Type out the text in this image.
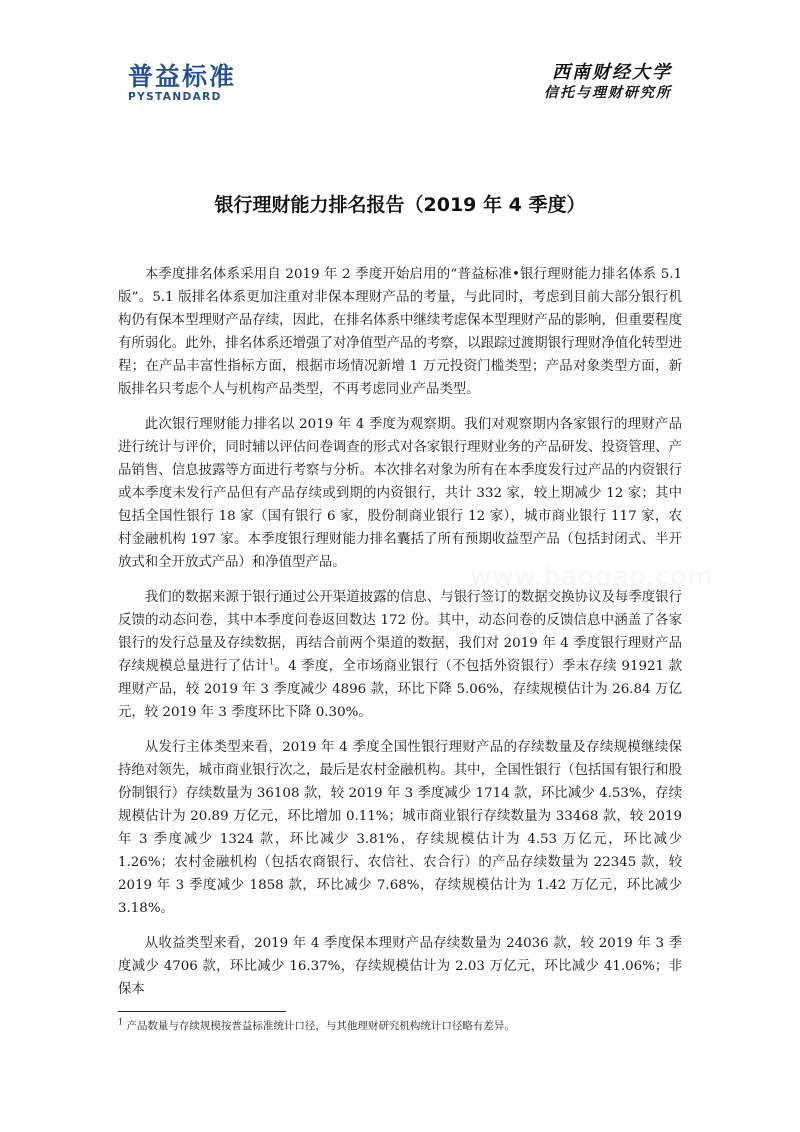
普益标准
PYSTANDARD
西南财经大学
信托与理财研究所
银行理财能力排名报告（2019 年 4 季度）

本季度排名体系采用自 2019 年 2 季度开始启用的“普益标准•银行理财能力排名体系 5.1 版”。5.1 版排名体系更加注重对非保本理财产品的考量，与此同时，考虑到目前大部分银行机构仍有保本型理财产品存续，因此，在排名体系中继续考虑保本型理财产品的影响，但重要程度有所弱化。此外，排名体系还增强了对净值型产品的考察，以跟踪过渡期银行理财净值化转型进程；在产品丰富性指标方面，根据市场情况新增 1 万元投资门槛类型；产品对象类型方面，新版排名只考虑个人与机构产品类型，不再考虑同业产品类型。

此次银行理财能力排名以 2019 年 4 季度为观察期。我们对观察期内各家银行的理财产品进行统计与评价，同时辅以评估问卷调查的形式对各家银行理财业务的产品研发、投资管理、产品销售、信息披露等方面进行考察与分析。本次排名对象为所有在本季度发行过产品的内资银行或本季度未发行产品但有产品存续或到期的内资银行，共计 332 家，较上期减少 12 家；其中包括全国性银行 18 家（国有银行 6 家，股份制商业银行 12 家），城市商业银行 117 家，农村金融机构 197 家。本季度银行理财能力排名囊括了所有预期收益型产品（包括封闭式、半开放式和全开放式产品）和净值型产品。

我们的数据来源于银行通过公开渠道披露的信息、与银行签订的数据交换协议及每季度银行反馈的动态问卷，其中本季度问卷返回数达 172 份。其中，动态问卷的反馈信息中涵盖了各家银行的发行总量及存续数据，再结合前两个渠道的数据，我们对 2019 年 4 季度银行理财产品存续规模总量进行了估计$^1$。4 季度，全市场商业银行（不包括外资银行）季末存续 91921 款理财产品，较 2019 年 3 季度减少 4896 款，环比下降 5.06%，存续规模估计为 26.84 万亿元，较 2019 年 3 季度环比下降 0.30%。

从发行主体类型来看，2019 年 4 季度全国性银行理财产品的存续数量及存续规模继续保持绝对领先，城市商业银行次之，最后是农村金融机构。其中，全国性银行（包括国有银行和股份制银行）存续数量为 36108 款，较 2019 年 3 季度减少 1714 款，环比减少 4.53%，存续规模估计为 20.89 万亿元，环比增加 0.11%；城市商业银行存续数量为 33468 款，较 2019 年 3 季度减少 1324 款，环比减少 3.81%，存续规模估计为 4.53 万亿元，环比减少 1.26%；农村金融机构（包括农商银行、农信社、农合行）的产品存续数量为 22345 款，较 2019 年 3 季度减少 1858 款，环比减少 7.68%，存续规模估计为 1.42 万亿元，环比减少 3.18%。

从收益类型来看，2019 年 4 季度保本理财产品存续数量为 24036 款，较 2019 年 3 季度减少 4706 款，环比减少 16.37%，存续规模估计为 2.03 万亿元，环比减少 41.06%；非保本

$^1$ 产品数量与存续规模按普益标准统计口径，与其他理财研究机构统计口径略有差异。
